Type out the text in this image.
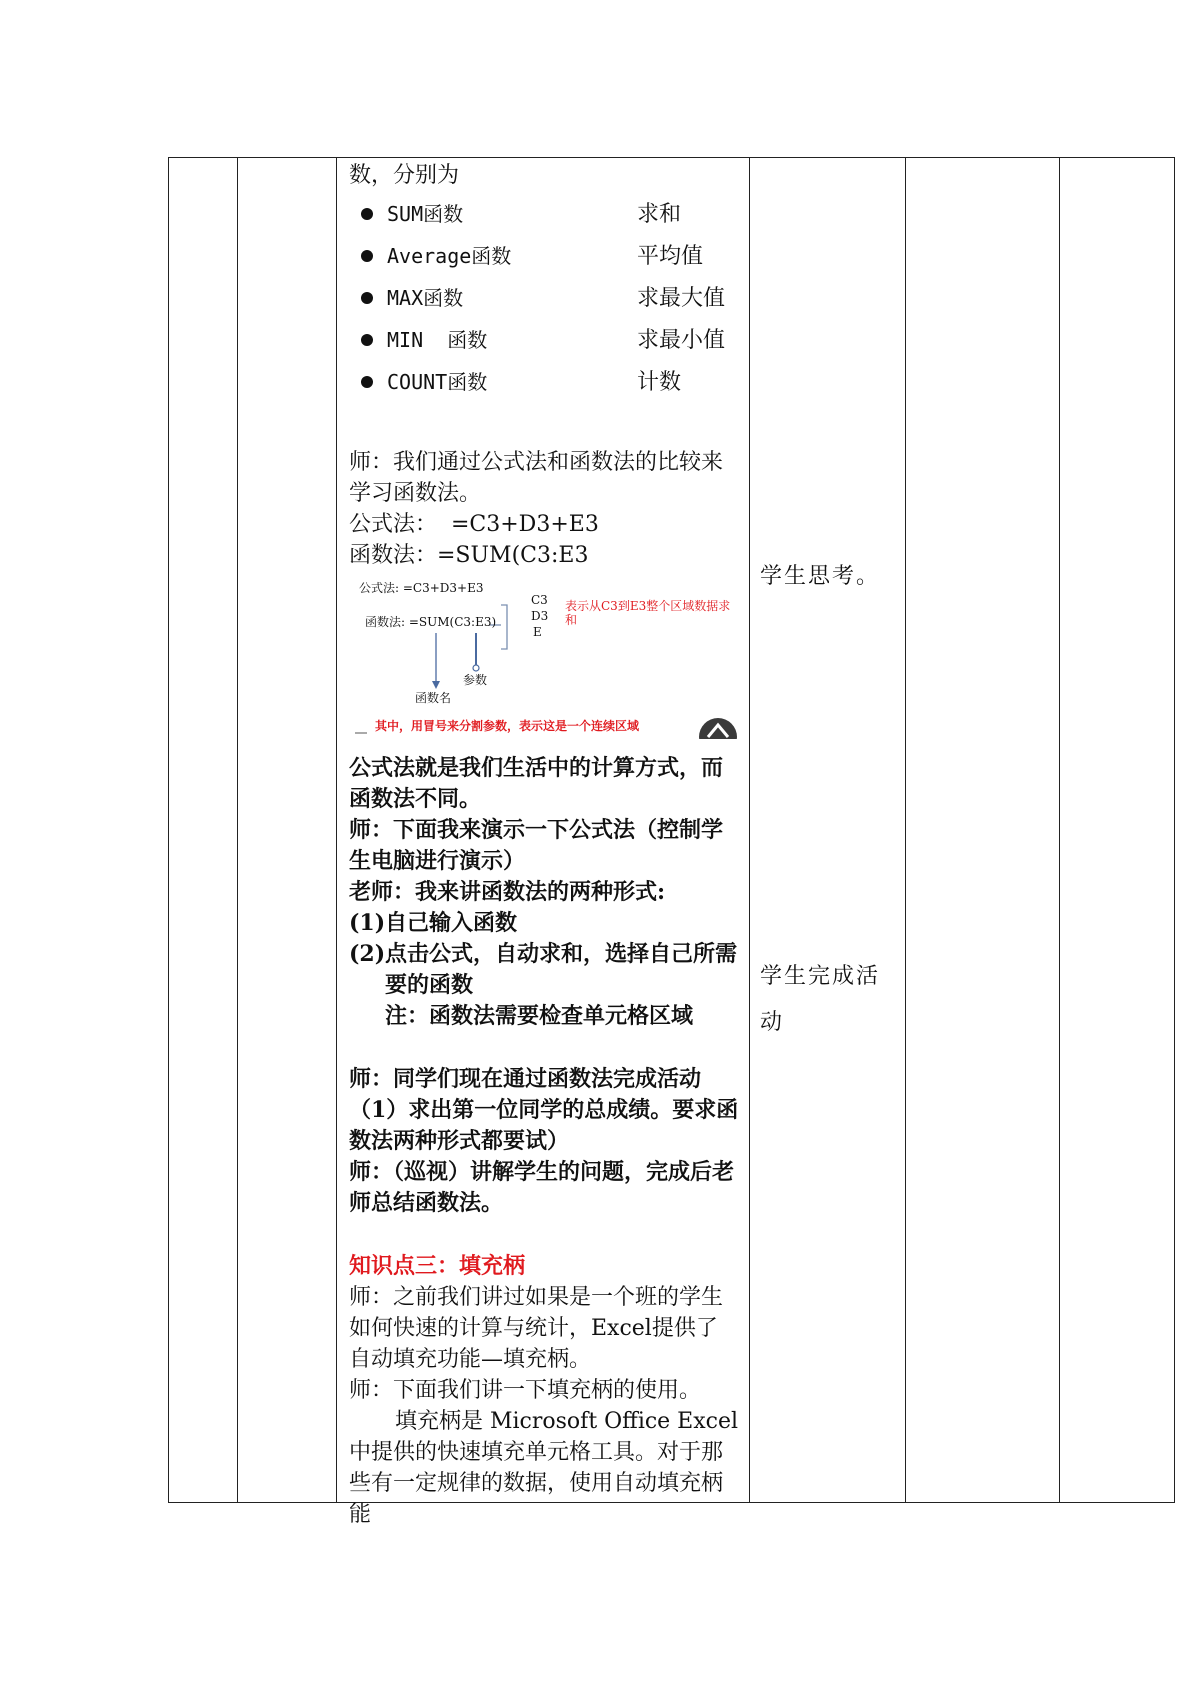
数，分别为

SUM函数	求和
Average函数	平均值
MAX函数	求最大值
MIN  函数	求最小值
COUNT函数	计数

师：我们通过公式法和函数法的比较来学习函数法。

公式法：  =C3+D3+E3

函数法：=SUM(C3:E3

公式法: =C3+D3+E3
函数法: =SUM(C3:E3)
C3
D3
E
表示从C3到E3整个区域数据求和
参数
函数名
其中，用冒号来分割参数，表示这是一个连续区域

公式法就是我们生活中的计算方式，而函数法不同。

师：下面我来演示一下公式法（控制学生电脑进行演示）

老师：我来讲函数法的两种形式:

(1) 自己输入函数
(2) 点击公式，自动求和，选择自己所需要的函数

注：函数法需要检查单元格区域

师：同学们现在通过函数法完成活动（1）求出第一位同学的总成绩。要求函数法两种形式都要试）

师：（巡视）讲解学生的问题，完成后老师总结函数法。

知识点三：填充柄

师：之前我们讲过如果是一个班的学生如何快速的计算与统计，Excel提供了自动填充功能—填充柄。

师：下面我们讲一下填充柄的使用。

填充柄是 Microsoft Office Excel中提供的快速填充单元格工具。对于那些有一定规律的数据，使用自动填充柄能

学生思考。
学生完成活动
